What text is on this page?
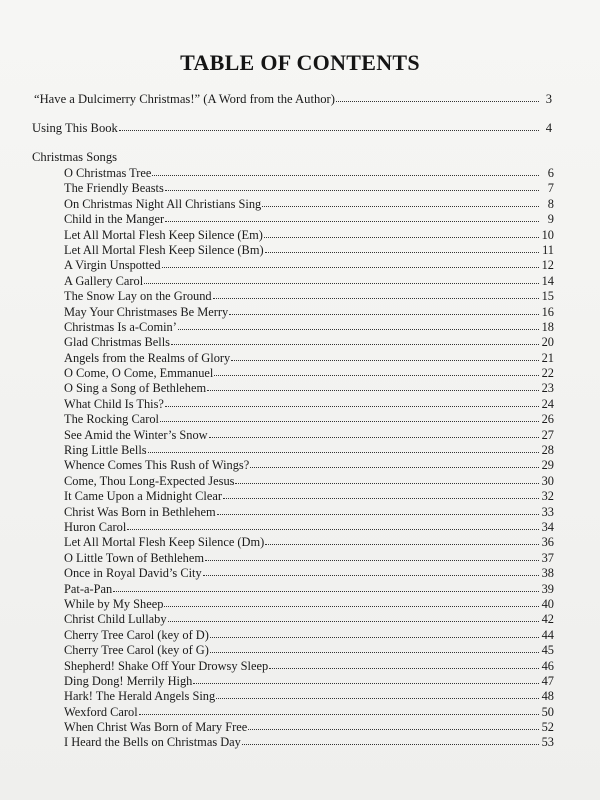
TABLE OF CONTENTS
“Have a Dulcimerry Christmas!” (A Word from the Author)	3
Using This Book	4
Christmas Songs
O Christmas Tree	6
The Friendly Beasts	7
On Christmas Night All Christians Sing	8
Child in the Manger	9
Let All Mortal Flesh Keep Silence (Em)	10
Let All Mortal Flesh Keep Silence (Bm)	11
A Virgin Unspotted	12
A Gallery Carol	14
The Snow Lay on the Ground	15
May Your Christmases Be Merry	16
Christmas Is a-Comin’	18
Glad Christmas Bells	20
Angels from the Realms of Glory	21
O Come, O Come, Emmanuel	22
O Sing a Song of Bethlehem	23
What Child Is This?	24
The Rocking Carol	26
See Amid the Winter’s Snow	27
Ring Little Bells	28
Whence Comes This Rush of Wings?	29
Come, Thou Long-Expected Jesus	30
It Came Upon a Midnight Clear	32
Christ Was Born in Bethlehem	33
Huron Carol	34
Let All Mortal Flesh Keep Silence (Dm)	36
O Little Town of Bethlehem	37
Once in Royal David’s City	38
Pat-a-Pan	39
While by My Sheep	40
Christ Child Lullaby	42
Cherry Tree Carol (key of D)	44
Cherry Tree Carol (key of G)	45
Shepherd! Shake Off Your Drowsy Sleep	46
Ding Dong! Merrily High	47
Hark! The Herald Angels Sing	48
Wexford Carol	50
When Christ Was Born of Mary Free	52
I Heard the Bells on Christmas Day	53
